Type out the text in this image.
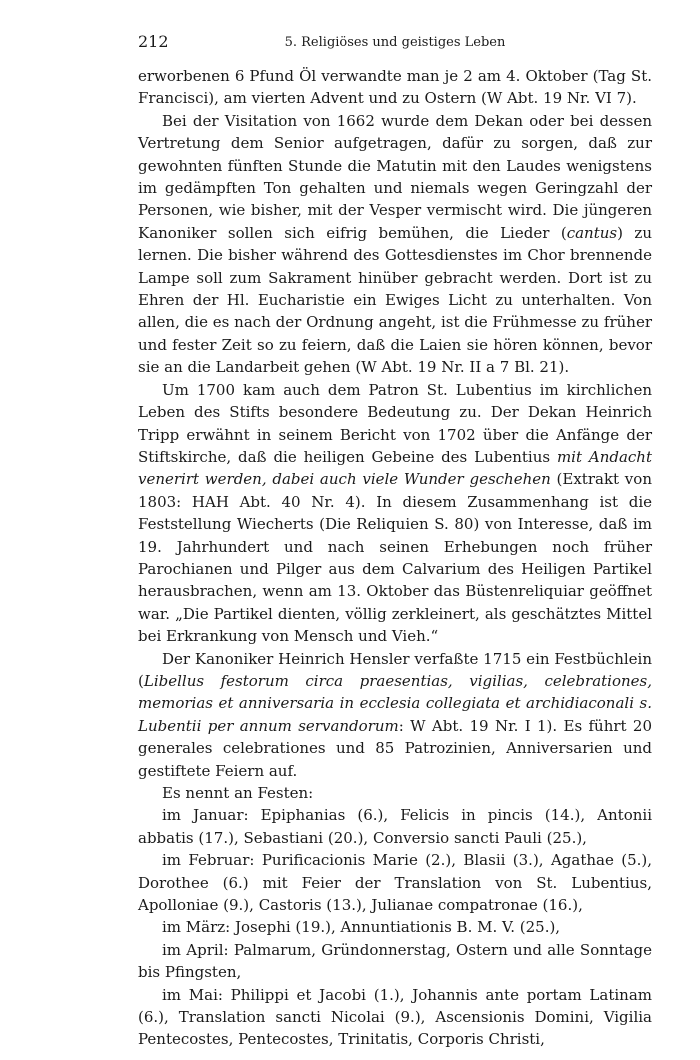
212	5. Religiöses und geistiges Leben

erworbenen 6 Pfund Öl verwandte man je 2 am 4. Oktober (Tag St. Francisci), am vierten Advent und zu Ostern (W Abt. 19 Nr. VI 7).

Bei der Visitation von 1662 wurde dem Dekan oder bei dessen Vertretung dem Senior aufgetragen, dafür zu sorgen, daß zur gewohnten fünften Stunde die Matutin mit den Laudes wenigstens im gedämpften Ton gehalten und niemals wegen Geringzahl der Personen, wie bisher, mit der Vesper vermischt wird. Die jüngeren Kanoniker sollen sich eifrig bemühen, die Lieder (cantus) zu lernen. Die bisher während des Gottesdienstes im Chor brennende Lampe soll zum Sakrament hinüber gebracht werden. Dort ist zu Ehren der Hl. Eucharistie ein Ewiges Licht zu unterhalten. Von allen, die es nach der Ordnung angeht, ist die Frühmesse zu früher und fester Zeit so zu feiern, daß die Laien sie hören können, bevor sie an die Landarbeit gehen (W Abt. 19 Nr. II a 7 Bl. 21).

Um 1700 kam auch dem Patron St. Lubentius im kirchlichen Leben des Stifts besondere Bedeutung zu. Der Dekan Heinrich Tripp erwähnt in seinem Bericht von 1702 über die Anfänge der Stiftskirche, daß die heiligen Gebeine des Lubentius mit Andacht venerirt werden, dabei auch viele Wunder geschehen (Extrakt von 1803: HAH Abt. 40 Nr. 4). In diesem Zusammenhang ist die Feststellung Wiecherts (Die Reliquien S. 80) von Interesse, daß im 19. Jahrhundert und nach seinen Erhebungen noch früher Parochianen und Pilger aus dem Calvarium des Heiligen Partikel herausbrachen, wenn am 13. Oktober das Büstenreliquiar geöffnet war. „Die Partikel dienten, völlig zerkleinert, als geschätztes Mittel bei Erkrankung von Mensch und Vieh.“

Der Kanoniker Heinrich Hensler verfaßte 1715 ein Festbüchlein (Libellus festorum circa praesentias, vigilias, celebrationes, memorias et anniversaria in ecclesia collegiata et archidiaconali s. Lubentii per annum servandorum: W Abt. 19 Nr. I 1). Es führt 20 generales celebrationes und 85 Patrozinien, Anniversarien und gestiftete Feiern auf.

Es nennt an Festen:

im Januar: Epiphanias (6.), Felicis in pincis (14.), Antonii abbatis (17.), Sebastiani (20.), Conversio sancti Pauli (25.),

im Februar: Purificacionis Marie (2.), Blasii (3.), Agathae (5.), Dorothee (6.) mit Feier der Translation von St. Lubentius, Apolloniae (9.), Castoris (13.), Julianae compatronae (16.),

im März: Josephi (19.), Annuntiationis B. M. V. (25.),

im April: Palmarum, Gründonnerstag, Ostern und alle Sonntage bis Pfingsten,

im Mai: Philippi et Jacobi (1.), Johannis ante portam Latinam (6.), Translation sancti Nicolai (9.), Ascensionis Domini, Vigilia Pentecostes, Pentecostes, Trinitatis, Corporis Christi,
